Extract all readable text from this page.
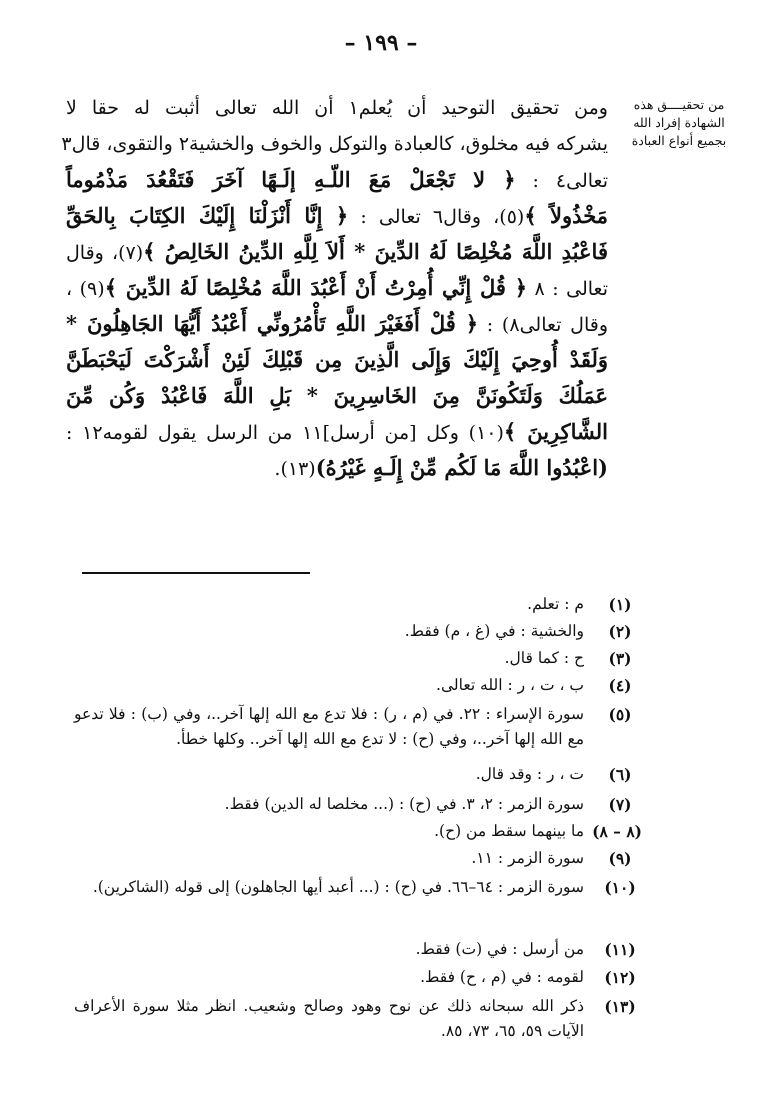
– ١٩٩ –
من تحقيــــق هذه
الشهادة إفراد الله
بجميع أنواع العبادة
ومن تحقيق التوحيد أن يُعلم١ أن الله تعالى أثبت له حقا لا
يشركه فيه مخلوق، كالعبادة والتوكل والخوف والخشية٢ والتقوى، قال٣
تعالى٤ : ﴿ لا تَجْعَلْ مَعَ اللّـهِ إلَـهًا آخَرَ فَتَقْعُدَ مَذْمُوماً
مَخْذُولاً ﴾(٥)، وقال٦ تعالى : ﴿ إِنَّا أَنْزَلْنَا إِلَيْكَ الكِتَابَ بِالحَقِّ
فَاعْبُدِ اللَّهَ مُخْلِصًا لَهُ الدِّينَ * أَلاَ لِلَّهِ الدِّينُ الخَالِصُ ﴾(٧)، وقال
تعالى : ٨ ﴿ قُلْ إِنِّي أُمِرْتُ أَنْ أَعْبُدَ اللَّهَ مُخْلِصًا لَهُ الدِّينَ ﴾(٩) ،
وقال تعالى٨) : ﴿ قُلْ أَفَغَيْرَ اللَّهِ تَأْمُرُونِّي أَعْبُدُ أَيُّهَا الجَاهِلُونَ *
وَلَقَدْ أُوحِيَ إِلَيْكَ وَإِلَى الَّذِينَ مِن قَبْلِكَ لَئِنْ أَشْرَكْتَ لَيَحْبَطَنَّ
عَمَلُكَ وَلَتَكُونَنَّ مِنَ الخَاسِرِينَ * بَلِ اللَّهَ فَاعْبُدْ وَكُن مِّنَ
الشَّاكِرِينَ ﴾(١٠) وكل [من أرسل]١١ من الرسل يقول لقومه١٢ :
(اعْبُدُوا اللَّهَ مَا لَكُم مِّنْ إِلَـهٍ غَيْرُهُ)(١٣).
(١)
م : تعلم.
(٢)
والخشية : في (غ ، م) فقط.
(٣)
ح : كما قال.
(٤)
ب ، ت ، ر : الله تعالى.
(٥)
سورة الإسراء : ٢٢. في (م ، ر) : فلا تدع مع الله إلها آخر..، وفي (ب) : فلا تدعو مع الله إلها آخر..، وفي (ح) : لا تدع مع الله إلها آخر.. وكلها خطأ.
(٦)
ت ، ر : وقد قال.
(٧)
سورة الزمر : ٢، ٣. في (ح) : (... مخلصا له الدين) فقط.
(٨ – ٨)
ما بينهما سقط من (ح).
(٩)
سورة الزمر : ١١.
(١٠)
سورة الزمر : ٦٤–٦٦. في (ح) : (... أعبد أيها الجاهلون) إلى قوله (الشاكرين).
(١١)
من أرسل : في (ت) فقط.
(١٢)
لقومه : في (م ، ح) فقط.
(١٣)
ذكر الله سبحانه ذلك عن نوح وهود وصالح وشعيب. انظر مثلا سورة الأعراف الآيات ٥٩، ٦٥، ٧٣، ٨٥.
